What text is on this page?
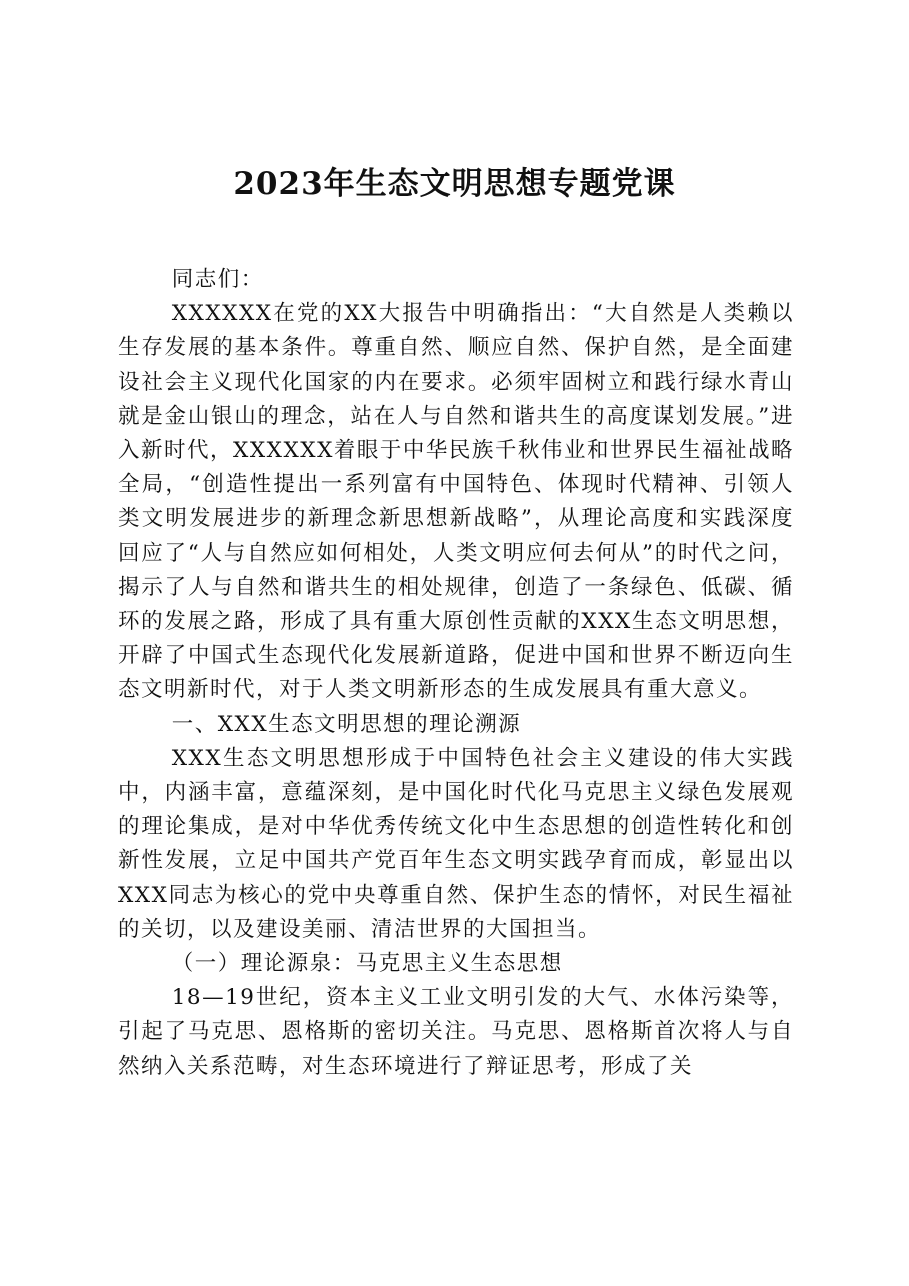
2023年生态文明思想专题党课

同志们：

XXXXXX在党的XX大报告中明确指出：“大自然是人类赖以生存发展的基本条件。尊重自然、顺应自然、保护自然，是全面建设社会主义现代化国家的内在要求。必须牢固树立和践行绿水青山就是金山银山的理念，站在人与自然和谐共生的高度谋划发展。”进入新时代，XXXXXX着眼于中华民族千秋伟业和世界民生福祉战略全局，“创造性提出一系列富有中国特色、体现时代精神、引领人类文明发展进步的新理念新思想新战略”，从理论高度和实践深度回应了“人与自然应如何相处，人类文明应何去何从”的时代之问，揭示了人与自然和谐共生的相处规律，创造了一条绿色、低碳、循环的发展之路，形成了具有重大原创性贡献的XXX生态文明思想，开辟了中国式生态现代化发展新道路，促进中国和世界不断迈向生态文明新时代，对于人类文明新形态的生成发展具有重大意义。

一、XXX生态文明思想的理论溯源

XXX生态文明思想形成于中国特色社会主义建设的伟大实践中，内涵丰富，意蕴深刻，是中国化时代化马克思主义绿色发展观的理论集成，是对中华优秀传统文化中生态思想的创造性转化和创新性发展，立足中国共产党百年生态文明实践孕育而成，彰显出以XXX同志为核心的党中央尊重自然、保护生态的情怀，对民生福祉的关切，以及建设美丽、清洁世界的大国担当。

（一）理论源泉：马克思主义生态思想

18—19世纪，资本主义工业文明引发的大气、水体污染等，引起了马克思、恩格斯的密切关注。马克思、恩格斯首次将人与自然纳入关系范畴，对生态环境进行了辩证思考，形成了关
